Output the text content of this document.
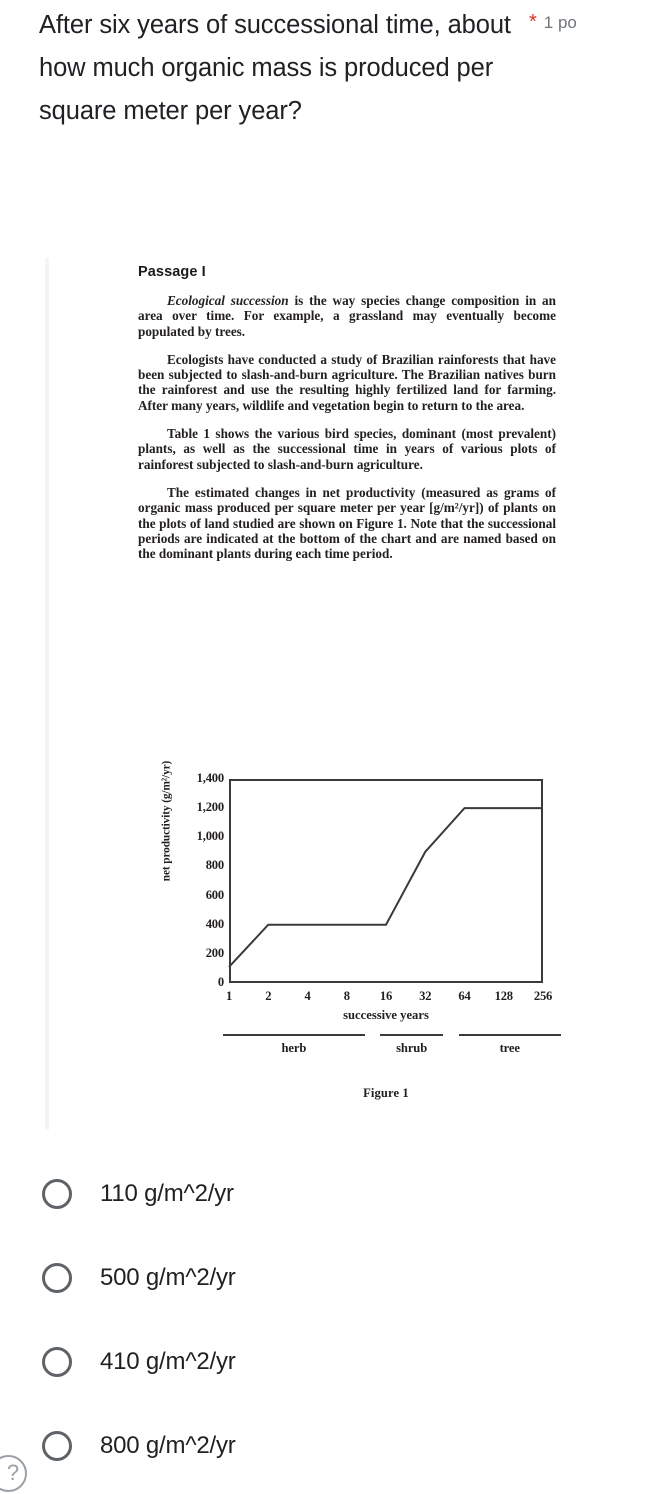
After six years of successional time, about how much organic mass is produced per square meter per year?
* 1 po
Passage I

Ecological succession is the way species change composition in an area over time. For example, a grassland may eventually become populated by trees.

Ecologists have conducted a study of Brazilian rainforests that have been subjected to slash-and-burn agriculture. The Brazilian natives burn the rainforest and use the resulting highly fertilized land for farming. After many years, wildlife and vegetation begin to return to the area.

Table 1 shows the various bird species, dominant (most prevalent) plants, as well as the successional time in years of various plots of rainforest subjected to slash-and-burn agriculture.

The estimated changes in net productivity (measured as grams of organic mass produced per square meter per year [g/m²/yr]) of plants on the plots of land studied are shown on Figure 1. Note that the successional periods are indicated at the bottom of the chart and are named based on the dominant plants during each time period.

net productivity (g/m²/yr)
0
200
400
600
800
1,000
1,200
1,400
1	2	4	8 16 32 64 128 256
successive years
herb	shrub	tree
Figure 1
110 g/m^2/yr
500 g/m^2/yr
410 g/m^2/yr
800 g/m^2/yr
?
